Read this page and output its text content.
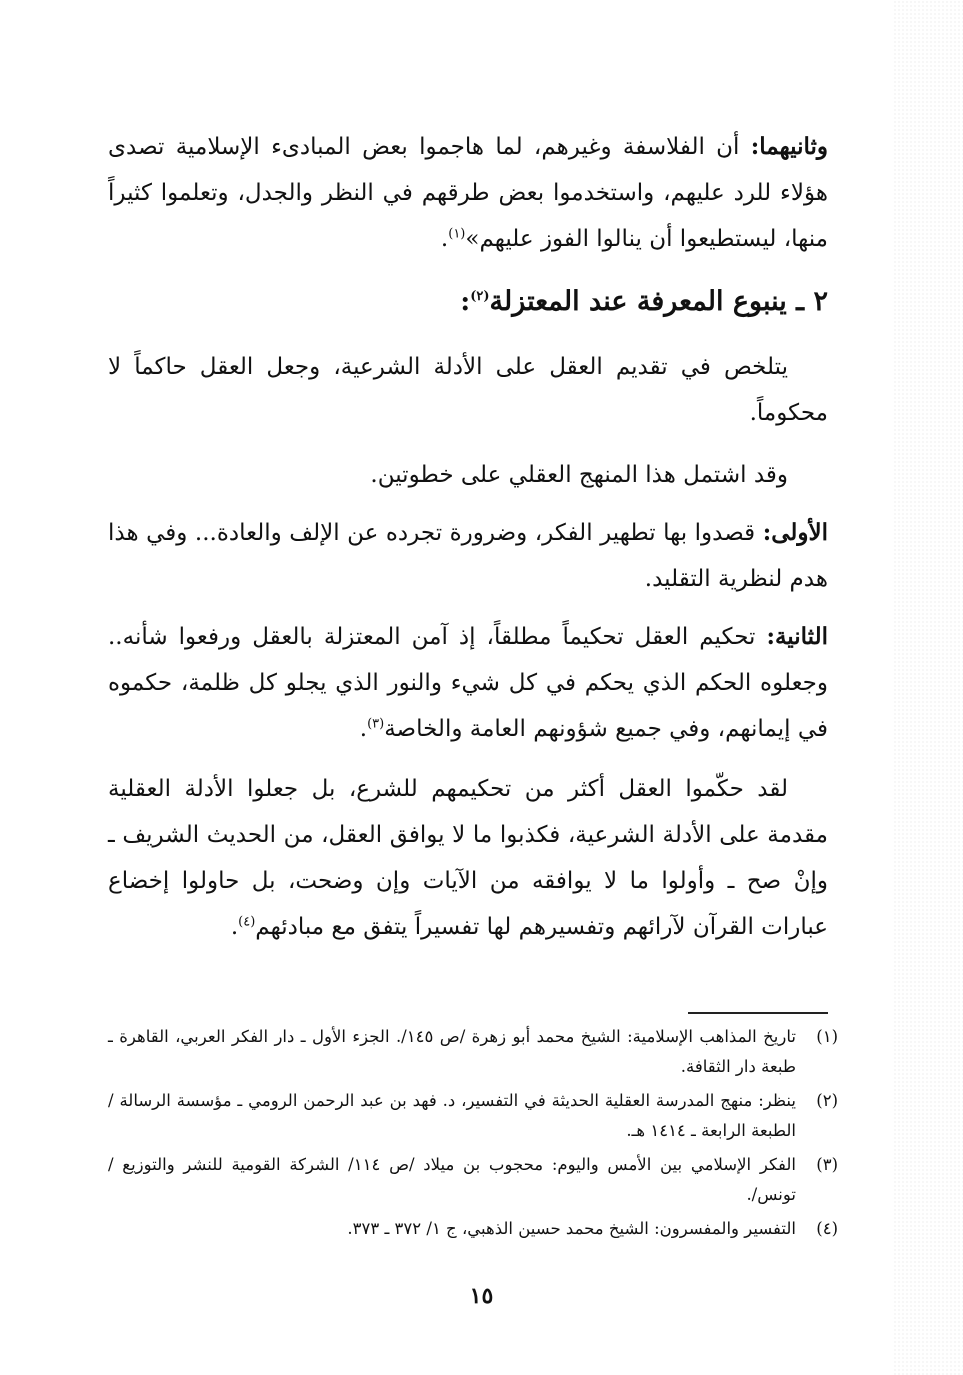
وثانيهما: أن الفلاسفة وغيرهم، لما هاجموا بعض المبادىء الإسلامية تصدى هؤلاء للرد عليهم، واستخدموا بعض طرقهم في النظر والجدل، وتعلموا كثيراً منها، ليستطيعوا أن ينالوا الفوز عليهم»$^{(١)}$.

٢ ـ ينبوع المعرفة عند المعتزلة$^{(٢)}$:

يتلخص في تقديم العقل على الأدلة الشرعية، وجعل العقل حاكماً لا محكوماً.

وقد اشتمل هذا المنهج العقلي على خطوتين.

الأولى: قصدوا بها تطهير الفكر، وضرورة تجرده عن الإلف والعادة... وفي هذا هدم لنظرية التقليد.

الثانية: تحكيم العقل تحكيماً مطلقاً، إذ آمن المعتزلة بالعقل ورفعوا شأنه.. وجعلوه الحكم الذي يحكم في كل شيء والنور الذي يجلو كل ظلمة، حكموه في إيمانهم، وفي جميع شؤونهم العامة والخاصة$^{(٣)}$.

لقد حكّموا العقل أكثر من تحكيمهم للشرع، بل جعلوا الأدلة العقلية مقدمة على الأدلة الشرعية، فكذبوا ما لا يوافق العقل، من الحديث الشريف ـ وإنْ صح ـ وأولوا ما لا يوافقه من الآيات وإن وضحت، بل حاولوا إخضاع عبارات القرآن لآرائهم وتفسيرهم لها تفسيراً يتفق مع مبادئهم$^{(٤)}$.

(١)
تاريخ المذاهب الإسلامية: الشيخ محمد أبو زهرة /ص ١٤٥/. الجزء الأول ـ دار الفكر العربي، القاهرة ـ طبعة دار الثقافة.
(٢)
ينظر: منهج المدرسة العقلية الحديثة في التفسير، د. فهد بن عبد الرحمن الرومي ـ مؤسسة الرسالة /الطبعة الرابعة ـ ١٤١٤ هـ.
(٣)
الفكر الإسلامي بين الأمس واليوم: محجوب بن ميلاد /ص ١١٤/ الشركة القومية للنشر والتوزيع / تونس/.
(٤)
التفسير والمفسرون: الشيخ محمد حسين الذهبي، ج ١/ ٣٧٢ ـ ٣٧٣.
١٥
